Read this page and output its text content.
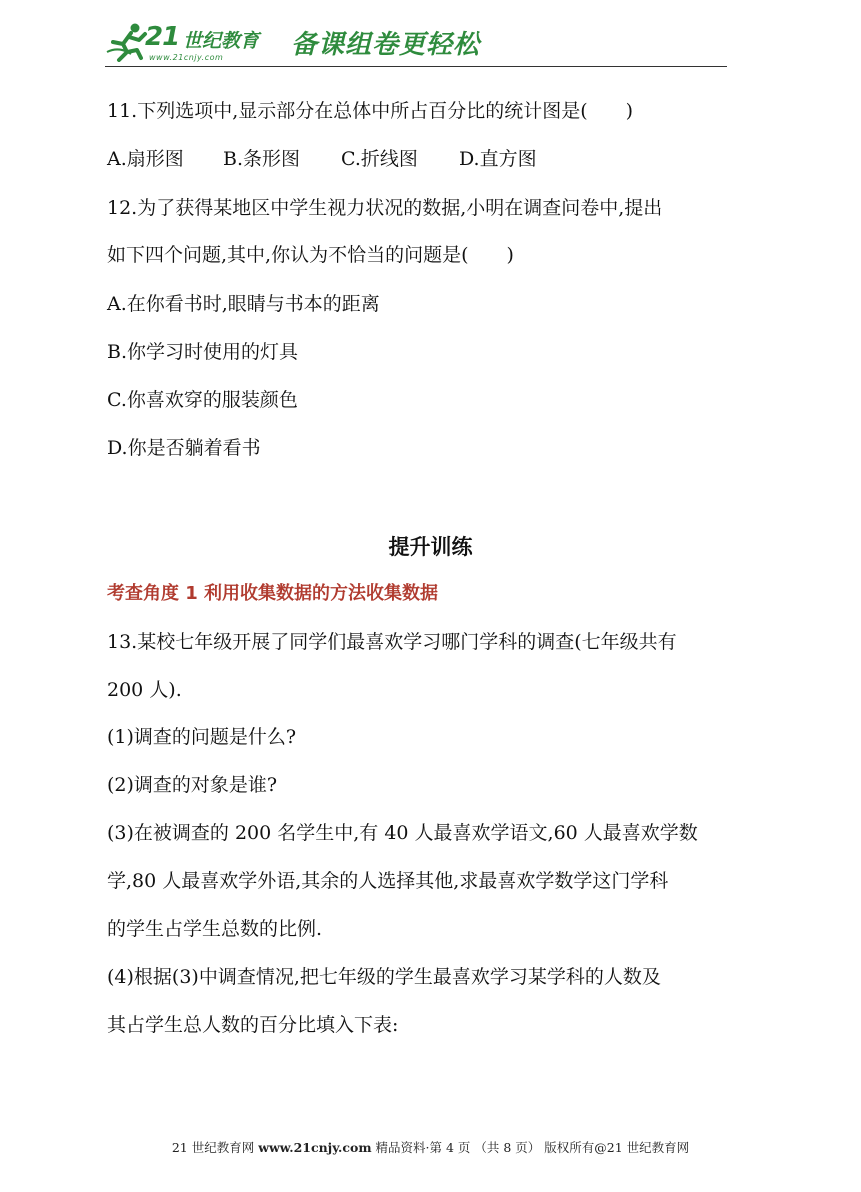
21 世纪教育
www.21cnjy.com	备课组卷更轻松
11.下列选项中,显示部分在总体中所占百分比的统计图是(　　)
A.扇形图 B.条形图 C.折线图 D.直方图
12.为了获得某地区中学生视力状况的数据,小明在调查问卷中,提出
如下四个问题,其中,你认为不恰当的问题是(　　)
A.在你看书时,眼睛与书本的距离
B.你学习时使用的灯具
C.你喜欢穿的服装颜色
D.你是否躺着看书
提升训练
考查角度 1 利用收集数据的方法收集数据
13.某校七年级开展了同学们最喜欢学习哪门学科的调查(七年级共有
200 人).
(1)调查的问题是什么?
(2)调查的对象是谁?
(3)在被调查的 200 名学生中,有 40 人最喜欢学语文,60 人最喜欢学数
学,80 人最喜欢学外语,其余的人选择其他,求最喜欢学数学这门学科
的学生占学生总数的比例.
(4)根据(3)中调查情况,把七年级的学生最喜欢学习某学科的人数及
其占学生总人数的百分比填入下表:
21 世纪教育网 www.21cnjy.com 精品资料·第 4 页 （共 8 页） 版权所有@21 世纪教育网
